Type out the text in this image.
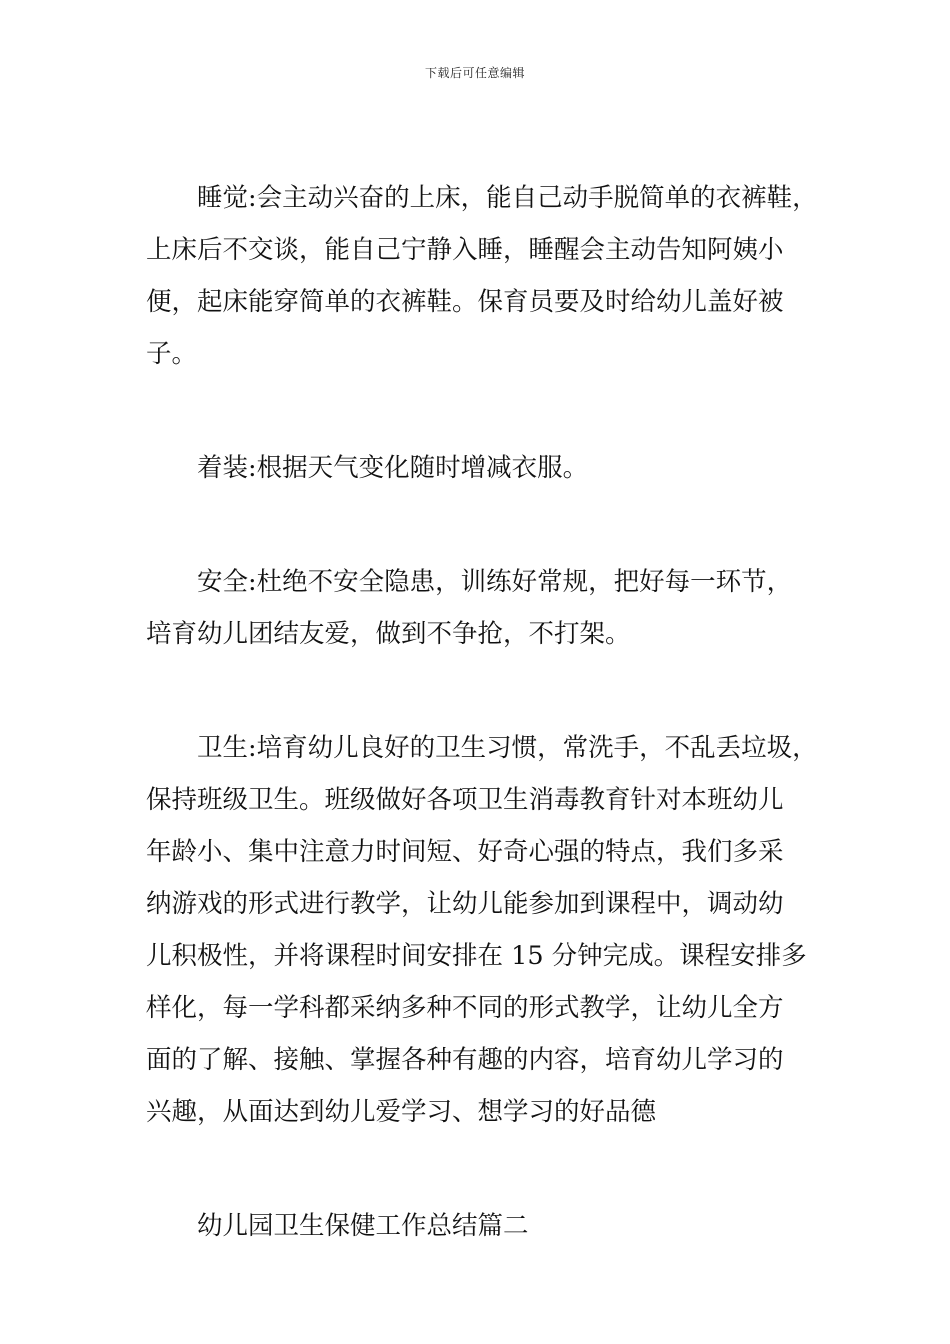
下载后可任意编辑
睡觉:会主动兴奋的上床，能自己动手脱简单的衣裤鞋，
上床后不交谈，能自己宁静入睡，睡醒会主动告知阿姨小
便，起床能穿简单的衣裤鞋。保育员要及时给幼儿盖好被
子。
着装:根据天气变化随时增减衣服。
安全:杜绝不安全隐患，训练好常规，把好每一环节，
培育幼儿团结友爱，做到不争抢，不打架。
卫生:培育幼儿良好的卫生习惯，常洗手，不乱丢垃圾，
保持班级卫生。班级做好各项卫生消毒教育针对本班幼儿
年龄小、集中注意力时间短、好奇心强的特点，我们多采
纳游戏的形式进行教学，让幼儿能参加到课程中，调动幼
儿积极性，并将课程时间安排在 15 分钟完成。课程安排多
样化，每一学科都采纳多种不同的形式教学，让幼儿全方
面的了解、接触、掌握各种有趣的内容，培育幼儿学习的
兴趣，从面达到幼儿爱学习、想学习的好品德
幼儿园卫生保健工作总结篇二
